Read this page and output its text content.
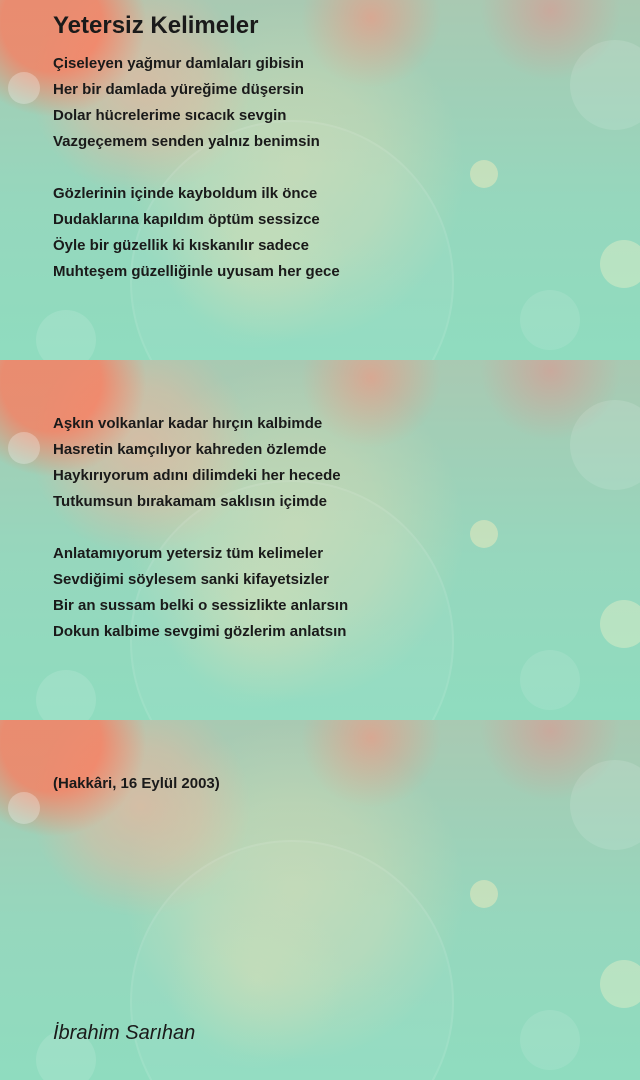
Yetersiz Kelimeler
Çiseleyen yağmur damlaları gibisin
Her bir damlada yüreğime düşersin
Dolar hücrelerime sıcacık sevgin
Vazgeçemem senden yalnız benimsin
Gözlerinin içinde kayboldum ilk önce
Dudaklarına kapıldım öptüm sessizce
Öyle bir güzellik ki kıskanılır sadece
Muhteşem güzelliğinle uyusam her gece
Aşkın volkanlar kadar hırçın kalbimde
Hasretin kamçılıyor kahreden özlemde
Haykırıyorum adını dilimdeki her hecede
Tutkumsun bırakamam saklısın içimde
Anlatamıyorum yetersiz tüm kelimeler
Sevdiğimi söylesem sanki kifayetsizler
Bir an sussam belki o sessizlikte anlarsın
Dokun kalbime sevgimi gözlerim anlatsın
(Hakkâri, 16 Eylül 2003)
İbrahim Sarıhan
